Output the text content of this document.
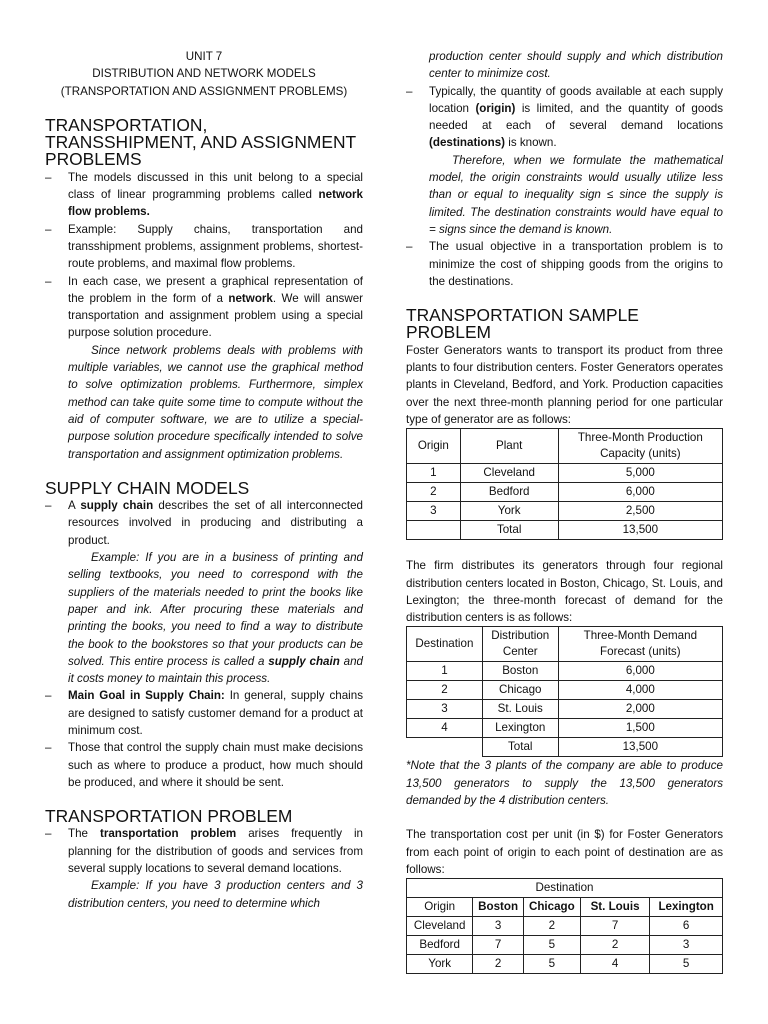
UNIT 7
DISTRIBUTION AND NETWORK MODELS
(TRANSPORTATION AND ASSIGNMENT PROBLEMS)
TRANSPORTATION, TRANSSHIPMENT, AND ASSIGNMENT PROBLEMS
– The models discussed in this unit belong to a special class of linear programming problems called network flow problems.
– Example: Supply chains, transportation and transshipment problems, assignment problems, shortest-route problems, and maximal flow problems.
– In each case, we present a graphical representation of the problem in the form of a network. We will answer transportation and assignment problem using a special purpose solution procedure.

Since network problems deals with problems with multiple variables, we cannot use the graphical method to solve optimization problems. Furthermore, simplex method can take quite some time to compute without the aid of computer software, we are to utilize a special-purpose solution procedure specifically intended to solve transportation and assignment optimization problems.

SUPPLY CHAIN MODELS
– A supply chain describes the set of all interconnected resources involved in producing and distributing a product.

Example: If you are in a business of printing and selling textbooks, you need to correspond with the suppliers of the materials needed to print the books like paper and ink. After procuring these materials and printing the books, you need to find a way to distribute the book to the bookstores so that your products can be solved. This entire process is called a supply chain and it costs money to maintain this process.

– Main Goal in Supply Chain: In general, supply chains are designed to satisfy customer demand for a product at minimum cost.
– Those that control the supply chain must make decisions such as where to produce a product, how much should be produced, and where it should be sent.
TRANSPORTATION PROBLEM
– The transportation problem arises frequently in planning for the distribution of goods and services from several supply locations to several demand locations.

Example: If you have 3 production centers and 3 distribution centers, you need to determine which

production center should supply and which distribution center to minimize cost.

– Typically, the quantity of goods available at each supply location (origin) is limited, and the quantity of goods needed at each of several demand locations (destinations) is known.

Therefore, when we formulate the mathematical model, the origin constraints would usually utilize less than or equal to inequality sign ≤ since the supply is limited. The destination constraints would have equal to = signs since the demand is known.

– The usual objective in a transportation problem is to minimize the cost of shipping goods from the origins to the destinations.
TRANSPORTATION SAMPLE PROBLEM

Foster Generators wants to transport its product from three plants to four distribution centers. Foster Generators operates plants in Cleveland, Bedford, and York. Production capacities over the next three-month planning period for one particular type of generator are as follows:

Origin	Plant	Three-Month Production Capacity (units)
1	Cleveland	5,000
2	Bedford	6,000
3	York	2,500
	Total	13,500

The firm distributes its generators through four regional distribution centers located in Boston, Chicago, St. Louis, and Lexington; the three-month forecast of demand for the distribution centers is as follows:

Destination	Distribution Center	Three-Month Demand Forecast (units)
1	Boston	6,000
2	Chicago	4,000
3	St. Louis	2,000
4	Lexington	1,500
	Total	13,500

*Note that the 3 plants of the company are able to produce 13,500 generators to supply the 13,500 generators demanded by the 4 distribution centers.

The transportation cost per unit (in $) for Foster Generators from each point of origin to each point of destination are as follows:

Destination				
Origin	Boston	Chicago	St. Louis	Lexington
Cleveland	3	2	7	6
Bedford	7	5	2	3
York	2	5	4	5
